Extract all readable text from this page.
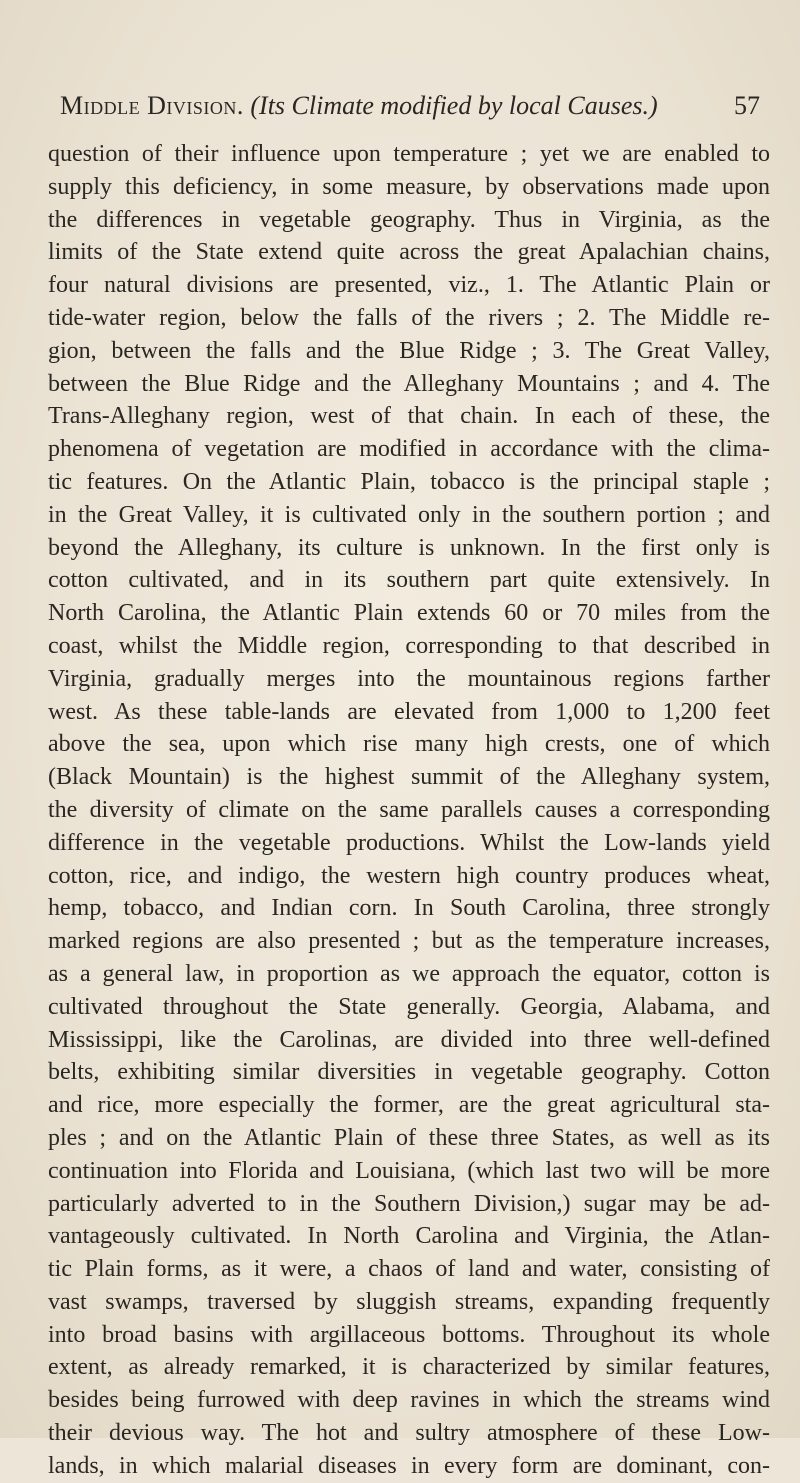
Middle Division. (Its Climate modified by local Causes.)	57
question of their influence upon temperature ; yet we are enabled to
supply this deficiency, in some measure, by observations made upon
the differences in vegetable geography. Thus in Virginia, as the
limits of the State extend quite across the great Apalachian chains,
four natural divisions are presented, viz., 1. The Atlantic Plain or
tide-water region, below the falls of the rivers ; 2. The Middle re-
gion, between the falls and the Blue Ridge ; 3. The Great Valley,
between the Blue Ridge and the Alleghany Mountains ; and 4. The
Trans-Alleghany region, west of that chain. In each of these, the
phenomena of vegetation are modified in accordance with the clima-
tic features. On the Atlantic Plain, tobacco is the principal staple ;
in the Great Valley, it is cultivated only in the southern portion ; and
beyond the Alleghany, its culture is unknown. In the first only is
cotton cultivated, and in its southern part quite extensively. In
North Carolina, the Atlantic Plain extends 60 or 70 miles from the
coast, whilst the Middle region, corresponding to that described in
Virginia, gradually merges into the mountainous regions farther
west. As these table-lands are elevated from 1,000 to 1,200 feet
above the sea, upon which rise many high crests, one of which
(Black Mountain) is the highest summit of the Alleghany system,
the diversity of climate on the same parallels causes a corresponding
difference in the vegetable productions. Whilst the Low-lands yield
cotton, rice, and indigo, the western high country produces wheat,
hemp, tobacco, and Indian corn. In South Carolina, three strongly
marked regions are also presented ; but as the temperature increases,
as a general law, in proportion as we approach the equator, cotton is
cultivated throughout the State generally. Georgia, Alabama, and
Mississippi, like the Carolinas, are divided into three well-defined
belts, exhibiting similar diversities in vegetable geography. Cotton
and rice, more especially the former, are the great agricultural sta-
ples ; and on the Atlantic Plain of these three States, as well as its
continuation into Florida and Louisiana, (which last two will be more
particularly adverted to in the Southern Division,) sugar may be ad-
vantageously cultivated. In North Carolina and Virginia, the Atlan-
tic Plain forms, as it were, a chaos of land and water, consisting of
vast swamps, traversed by sluggish streams, expanding frequently
into broad basins with argillaceous bottoms. Throughout its whole
extent, as already remarked, it is characterized by similar features,
besides being furrowed with deep ravines in which the streams wind
their devious way. The hot and sultry atmosphere of these Low-
lands, in which malarial diseases in every form are dominant, con-
